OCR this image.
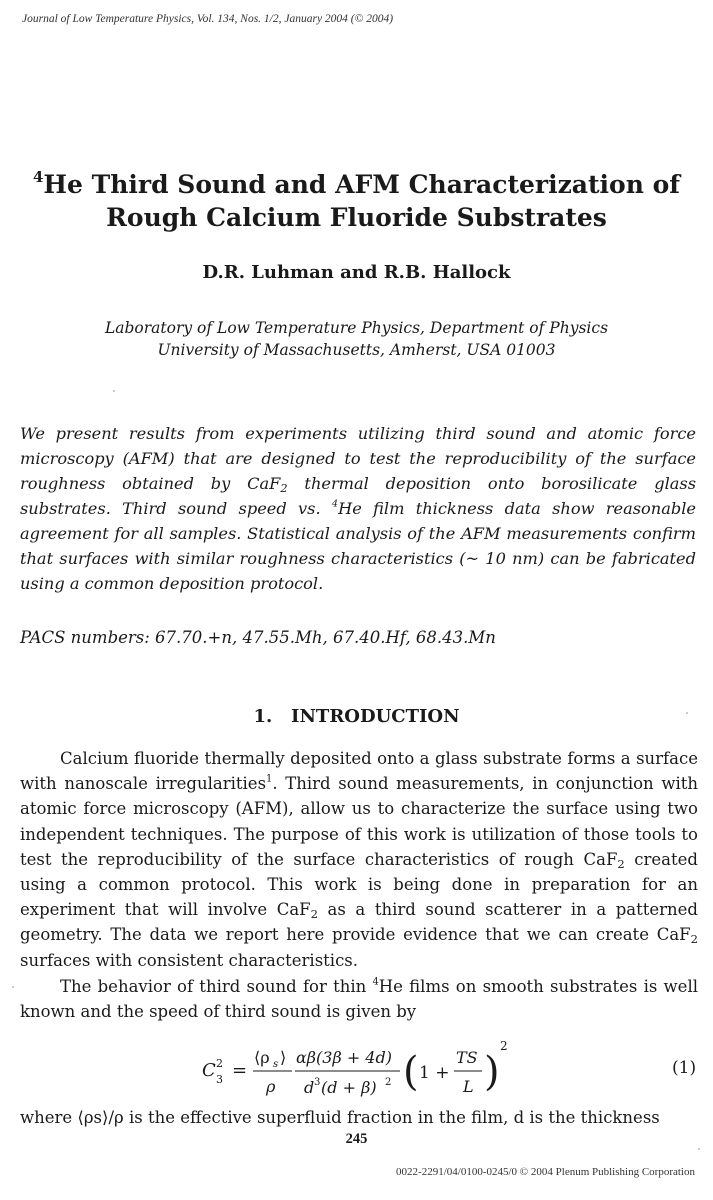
Journal of Low Temperature Physics, Vol. 134, Nos. 1/2, January 2004 (© 2004)
$^4$He Third Sound and AFM Characterization of
Rough Calcium Fluoride Substrates
D.R. Luhman and R.B. Hallock
Laboratory of Low Temperature Physics, Department of Physics
University of Massachusetts, Amherst, USA 01003
We present results from experiments utilizing third sound and atomic force microscopy (AFM) that are designed to test the reproducibility of the surface roughness obtained by CaF$_2$ thermal deposition onto borosilicate glass substrates. Third sound speed vs. $^4$He film thickness data show reasonable agreement for all samples. Statistical analysis of the AFM measurements confirm that surfaces with similar roughness characteristics (~ 10 nm) can be fabricated using a common deposition protocol.
PACS numbers: 67.70.+n, 47.55.Mh, 67.40.Hf, 68.43.Mn
1. INTRODUCTION
Calcium fluoride thermally deposited onto a glass substrate forms a surface with nanoscale irregularities$^1$. Third sound measurements, in conjunction with atomic force microscopy (AFM), allow us to characterize the surface using two independent techniques. The purpose of this work is utilization of those tools to test the reproducibility of the surface characteristics of rough CaF$_2$ created using a common protocol. This work is being done in preparation for an experiment that will involve CaF$_2$ as a third sound scatterer in a patterned geometry. The data we report here provide evidence that we can create CaF$_2$ surfaces with consistent characteristics.
The behavior of third sound for thin $^4$He films on smooth substrates is well known and the speed of third sound is given by
C 2
3 =
⟨ρ s ⟩
ρ
αβ(3β + 4d)
d 3 (d + β) 2 ( 1 +
TS
L )
2
(1)
where ⟨ρs⟩/ρ is the effective superfluid fraction in the film, d is the thickness
245
0022-2291/04/0100-0245/0 © 2004 Plenum Publishing Corporation
